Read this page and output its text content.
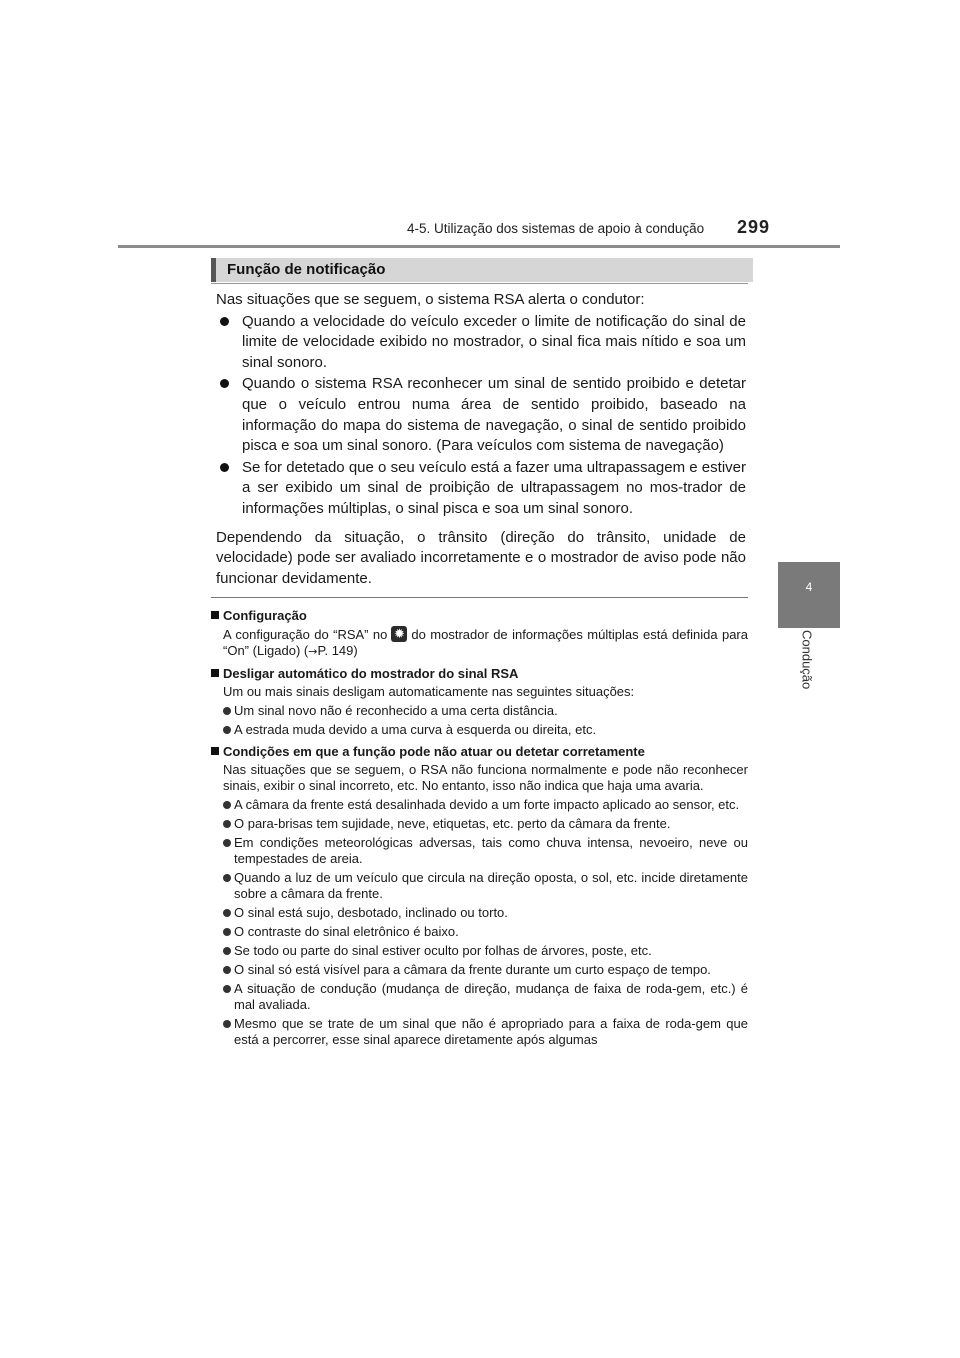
4-5. Utilização dos sistemas de apoio à condução 299
4
Condução
Função de notificação

Nas situações que se seguem, o sistema RSA alerta o condutor:

Quando a velocidade do veículo exceder o limite de notificação do sinal de limite de velocidade exibido no mostrador, o sinal fica mais nítido e soa um sinal sonoro.
Quando o sistema RSA reconhecer um sinal de sentido proibido e detetar que o veículo entrou numa área de sentido proibido, baseado na informação do mapa do sistema de navegação, o sinal de sentido proibido pisca e soa um sinal sonoro. (Para veículos com sistema de navegação)
Se for detetado que o seu veículo está a fazer uma ultrapassagem e estiver a ser exibido um sinal de proibição de ultrapassagem no mos-trador de informações múltiplas, o sinal pisca e soa um sinal sonoro.

Dependendo da situação, o trânsito (direção do trânsito, unidade de velocidade) pode ser avaliado incorretamente e o mostrador de aviso pode não funcionar devidamente.

Configuração

A configuração do “RSA” no✹ do mostrador de informações múltiplas está definida para “On” (Ligado) (→P. 149)

Desligar automático do mostrador do sinal RSA

Um ou mais sinais desligam automaticamente nas seguintes situações:

Um sinal novo não é reconhecido a uma certa distância.
A estrada muda devido a uma curva à esquerda ou direita, etc.
Condições em que a função pode não atuar ou detetar corretamente

Nas situações que se seguem, o RSA não funciona normalmente e pode não reconhecer sinais, exibir o sinal incorreto, etc. No entanto, isso não indica que haja uma avaria.

A câmara da frente está desalinhada devido a um forte impacto aplicado ao sensor, etc.
O para-brisas tem sujidade, neve, etiquetas, etc. perto da câmara da frente.
Em condições meteorológicas adversas, tais como chuva intensa, nevoeiro, neve ou tempestades de areia.
Quando a luz de um veículo que circula na direção oposta, o sol, etc. incide diretamente sobre a câmara da frente.
O sinal está sujo, desbotado, inclinado ou torto.
O contraste do sinal eletrônico é baixo.
Se todo ou parte do sinal estiver oculto por folhas de árvores, poste, etc.
O sinal só está visível para a câmara da frente durante um curto espaço de tempo.
A situação de condução (mudança de direção, mudança de faixa de roda-gem, etc.) é mal avaliada.
Mesmo que se trate de um sinal que não é apropriado para a faixa de roda-gem que está a percorrer, esse sinal aparece diretamente após algumas
